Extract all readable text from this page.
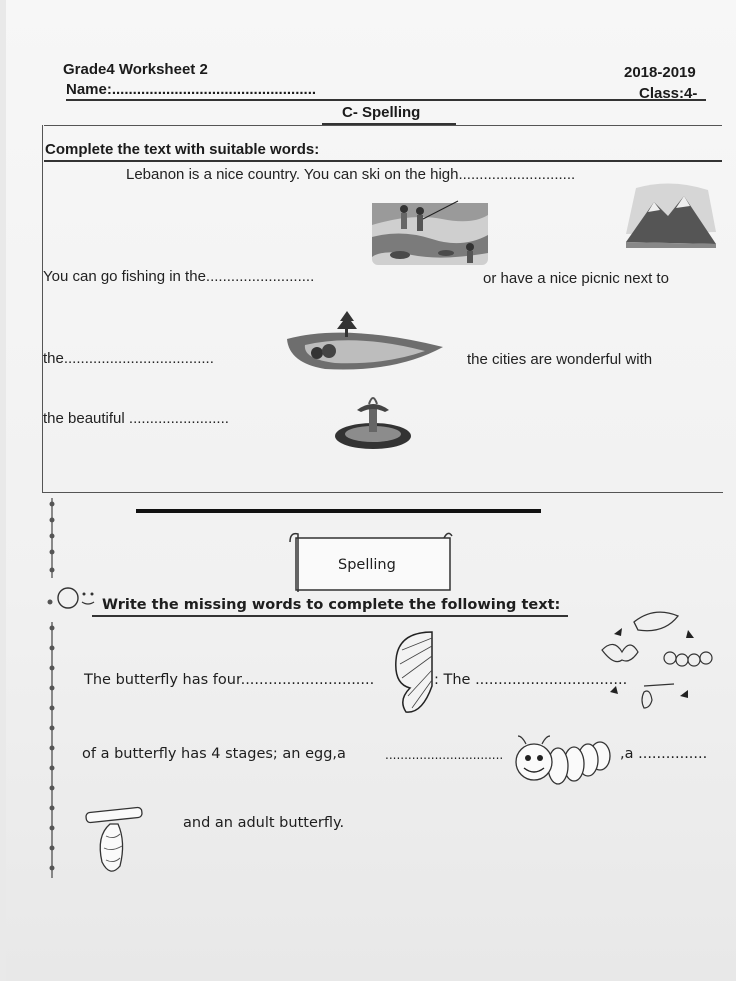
Grade4 Worksheet 2	2018-2019
Name:.................................................	Class:4-
C- Spelling
Complete the text with suitable words:
Lebanon is a nice country. You can ski on the high............................
You can go fishing in the..........................	or have a nice picnic next to
the....................................	the cities are wonderful with
the beautiful ........................
Spelling
Write the missing words to complete the following text:
The butterfly has four.............................	: The .................................
of a butterfly has 4 stages; an egg,a	...............................	,a ...............
and an adult butterfly.
